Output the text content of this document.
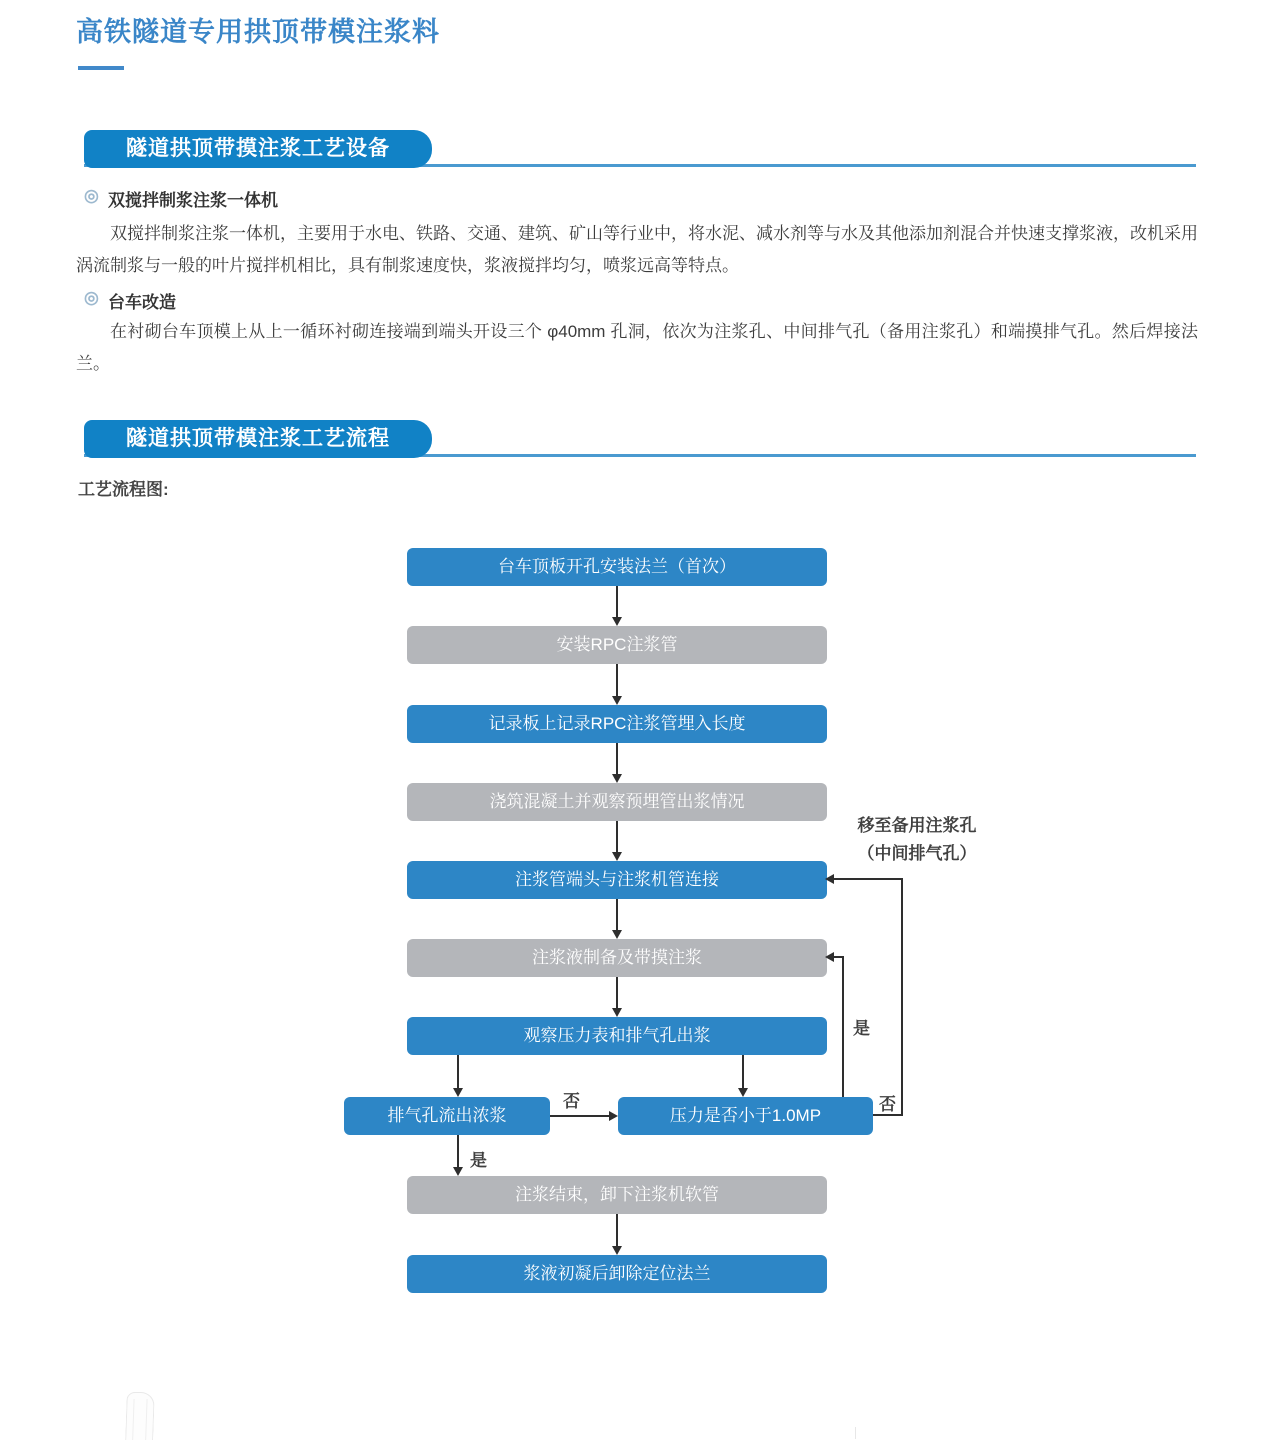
高铁隧道专用拱顶带模注浆料
隧道拱顶带摸注浆工艺设备
◎ 双搅拌制浆注浆一体机
双搅拌制浆注浆一体机，主要用于水电、铁路、交通、建筑、矿山等行业中，将水泥、减水剂等与水及其他添加剂混合并快速支撑浆液，改机采用涡流制浆与一般的叶片搅拌机相比，具有制浆速度快，浆液搅拌均匀，喷浆远高等特点。
◎ 台车改造
在衬砌台车顶模上从上一循环衬砌连接端到端头开设三个 φ40mm 孔洞，依次为注浆孔、中间排气孔（备用注浆孔）和端摸排气孔。然后焊接法兰。
隧道拱顶带模注浆工艺流程
工艺流程图:
台车顶板开孔安装法兰（首次）
安装RPC注浆管
记录板上记录RPC注浆管埋入长度
浇筑混凝土并观察预埋管出浆情况
注浆管端头与注浆机管连接
注浆液制备及带摸注浆
观察压力表和排气孔出浆
排气孔流出浓浆	压力是否小于1.0MP
注浆结束，卸下注浆机软管
浆液初凝后卸除定位法兰
否
是
是
否
移至备用注浆孔
（中间排气孔）
